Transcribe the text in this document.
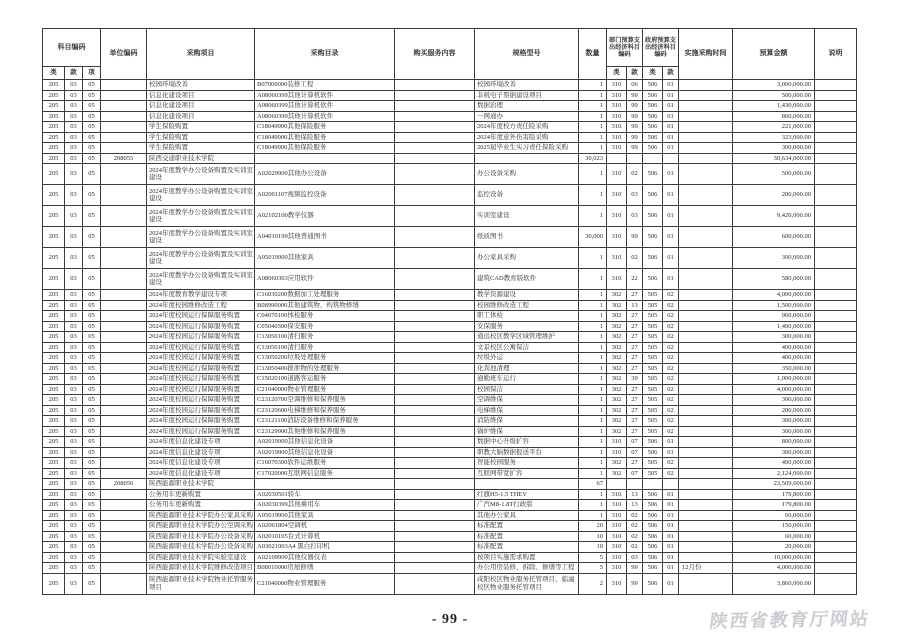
科目编码			单位编码	采购项目	采购目录	购买服务内容	规格型号	数量	部门预算支出经济科目编码		政府预算支出经济科目编码		实施采购时间	预算金额	说明
类	款	项							类	款	类	款			
205	03	05		校园环境改善	B07000000装修工程		校园环境改善	1	310	06	506	01		3,000,000.00	
205	03	05		信息化建设项目	A08060399其他计算机软件		非税电子票据建设项目	1	310	99	506	01		500,000.00	
205	03	05		信息化建设项目	A08060399其他计算机软件		数据治理	1	310	99	506	01		1,430,000.00	
205	03	05		信息化建设项目	A08060399其他计算机软件		一网通办	1	310	99	506	01		860,000.00	
205	03	05		学生保险购置	C18049900其他保险服务		2024年度校方责任险采购	1	310	99	506	01		221,000.00	
205	03	05		学生保险购置	C18049900其他保险服务		2024年度意外伤害险采购	1	310	99	506	01		323,000.00	
205	03	05		学生保险购置	C18049900其他保险服务		2025届毕业生实习责任保险采购	1	310	99	506	01		300,000.00	
205	03	05	208055	陕西交通职业技术学院				30,023						30,634,000.00	
205	03	05		2024年度教学办公设备购置及实训室建设	A02029900其他办公设备		办公设备采购	1	310	02	506	01		500,000.00	
205	03	05		2024年度教学办公设备购置及实训室建设	A02001107视频监控设备		监控设备	1	310	03	506	01		200,000.00	
205	03	05		2024年度教学办公设备购置及实训室建设	A02102100教学仪器		实训室建设	1	310	03	506	01		9,420,000.00	
205	03	05		2024年度教学办公设备购置及实训室建设	A04010199其他普通图书		纸质图书	30,000	310	99	506	01		600,000.00	
205	03	05		2024年度教学办公设备购置及实训室建设	A05019900其他家具		办公家具采购	1	310	02	506	01		300,000.00	
205	03	05		2024年度教学办公设备购置及实训室建设	A08060303应用软件		建筑CAD教育版软件	1	310	22	506	01		580,000.00	
205	03	05		2024年度教育教学建设专项	C16030200数据加工处理服务		教学资源建设	1	302	27	505	02		4,000,000.00	
205	03	05		2024年度校园维修改造工程	B08990000其他建筑物、构筑物修缮		校园维修改造工程	1	302	13	505	02		1,500,000.00	
205	03	05		2024年度校园运行保障服务购置	C04070100体检服务		职工体检	1	302	27	505	02		960,000.00	
205	03	05		2024年度校园运行保障服务购置	C05040300保安服务		安保服务	1	302	27	505	02		1,400,000.00	
205	03	05		2024年度校园运行保障服务购置	C13050100清扫服务		通远校区教学区域管理维护	1	302	27	505	02		300,000.00	
205	03	05		2024年度校园运行保障服务购置	C13050100清扫服务		文景校区公寓保洁	1	302	27	505	02		400,000.00	
205	03	05		2024年度校园运行保障服务购置	C13050200垃圾处理服务		垃圾外运	1	302	27	505	02		400,000.00	
205	03	05		2024年度校园运行保障服务购置	C13050400排泄物的处理服务		化粪池清理	1	302	27	505	02		350,000.00	
205	03	05		2024年度校园运行保障服务购置	C15020100道路客运服务		通勤班车运行	1	302	39	505	02		1,000,000.00	
205	03	05		2024年度校园运行保障服务购置	C21040000物业管理服务		校园保洁	1	302	27	505	02		4,000,000.00	
205	03	05		2024年度校园运行保障服务购置	C23120700空调维修和保养服务		空调维保	1	302	27	505	02		300,000.00	
205	03	05		2024年度校园运行保障服务购置	C23120600电梯维修和保养服务		电梯维保	1	302	27	505	02		200,000.00	
205	03	05		2024年度校园运行保障服务购置	C23121100消防设备维修和保养服务		消防维保	1	302	27	505	02		300,000.00	
205	03	05		2024年度校园运行保障服务购置	C23129900其他维修和保养服务		锅炉维保	1	302	27	505	02		300,000.00	
205	03	05		2024年度信息化建设专项	A02019900其他信息化设备		数据中心升级扩容	1	310	07	506	01		800,000.00	
205	03	05		2024年度信息化建设专项	A02019900其他信息化设备		职教大脑数据报送平台	1	310	07	506	01		300,000.00	
205	03	05		2024年度信息化建设专项	C16070300软件运维服务		智能校园服务	1	302	27	505	02		400,000.00	
205	03	05		2024年度信息化建设专项	C17020000互联网信息服务		互联网带宽扩容	1	302	07	505	02		2,124,000.00	
205	03	05	208056	陕西能源职业技术学院				67						23,509,600.00	
205	03	05		公务用车更新购置	A02030501轿车		红旗H5-1.5 THEV	1	310	13	506	01		179,800.00	
205	03	05		公务用车更新购置	A02030399其他乘用车		广汽M8-1.8T行政版	1	310	13	506	01		179,800.00	
205	03	05		陕西能源职业技术学院办公家具采购	A05019900其他家具		其他办公家具	1	310	02	506	01		60,000.00	
205	03	05		陕西能源职业技术学院办公空调采购	A02061804空调机		标准配置	20	310	02	506	01		150,000.00	
205	03	05		陕西能源职业技术学院办公设备采购	A02010105台式计算机		标准配置	10	310	02	506	01		60,000.00	
205	03	05		陕西能源职业技术学院办公设备采购	A03021003A4 黑白打印机		标准配置	10	310	02	506	01		20,000.00	
205	03	05		陕西能源职业技术学院实验室建设	A02109900其他仪器仪表		按项目实施需求购置	5	310	03	506	01		10,000,000.00	
205	03	05		陕西能源职业技术学院维修改造项目	B08010000房屋修缮		办公用房装修、拆除、修缮等工程	5	310	99	506	01	12月份	4,000,000.00	
205	03	05		陕西能源职业技术学院物业托管服务项目	C21040000物业管理服务		咸阳校区物业服务托管项目、临潼校区物业服务托管项目	2	310	99	506	01		3,860,000.00	
- 99 -	陕西省教育厅网站
